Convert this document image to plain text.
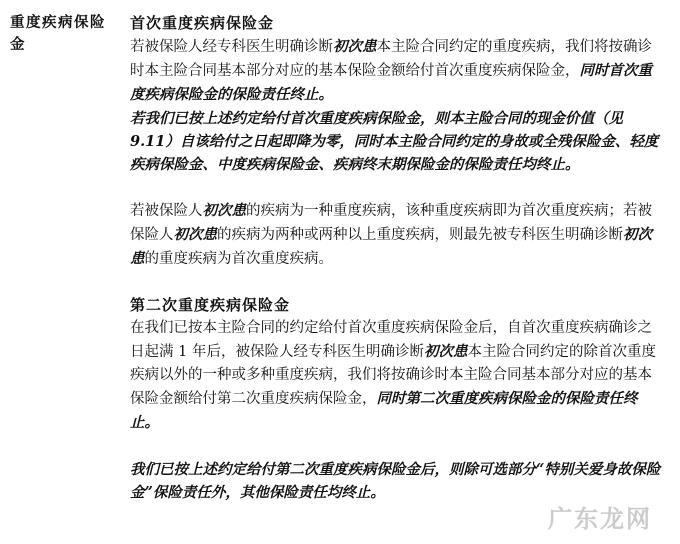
重度疾病保险金
首次重度疾病保险金

若被保险人经专科医生明确诊断初次患本主险合同约定的重度疾病，我们将按确诊时本主险合同基本部分对应的基本保险金额给付首次重度疾病保险金，同时首次重度疾病保险金的保险责任终止。

若我们已按上述约定给付首次重度疾病保险金，则本主险合同的现金价值（见 9.11）自该给付之日起即降为零，同时本主险合同约定的身故或全残保险金、轻度疾病保险金、中度疾病保险金、疾病终末期保险金的保险责任均终止。

若被保险人初次患的疾病为一种重度疾病，该种重度疾病即为首次重度疾病；若被保险人初次患的疾病为两种或两种以上重度疾病，则最先被专科医生明确诊断初次患的重度疾病为首次重度疾病。

第二次重度疾病保险金

在我们已按本主险合同的约定给付首次重度疾病保险金后，自首次重度疾病确诊之日起满 1 年后，被保险人经专科医生明确诊断初次患本主险合同约定的除首次重度疾病以外的一种或多种重度疾病，我们将按确诊时本主险合同基本部分对应的基本保险金额给付第二次重度疾病保险金，同时第二次重度疾病保险金的保险责任终止。

我们已按上述约定给付第二次重度疾病保险金后，则除可选部分“特别关爱身故保险金”保险责任外，其他保险责任均终止。

广东龙网
